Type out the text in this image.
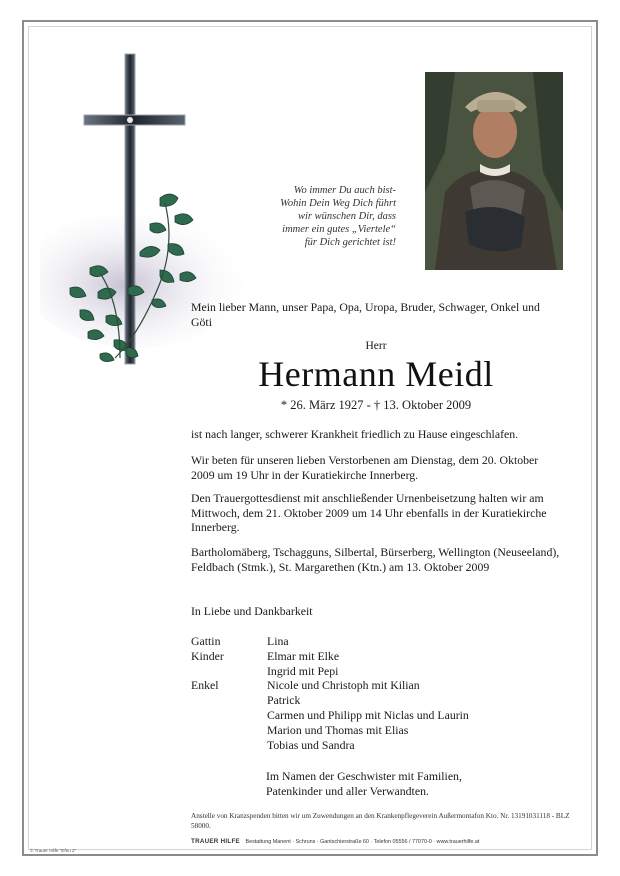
Wo immer Du auch bist-
Wohin Dein Weg Dich führt
wir wünschen Dir, dass
immer ein gutes „Viertele“
für Dich gerichtet ist!
Mein lieber Mann, unser Papa, Opa, Uropa, Bruder, Schwager, Onkel und Göti
Herr
Hermann Meidl
* 26. März 1927 - † 13. Oktober 2009
ist nach langer, schwerer Krankheit friedlich zu Hause eingeschlafen.
Wir beten für unseren lieben Verstorbenen am Dienstag, dem 20. Oktober 2009 um 19 Uhr in der Kuratiekirche Innerberg.
Den Trauergottesdienst mit anschließender Urnenbeisetzung halten wir am Mittwoch, dem 21. Oktober 2009 um 14 Uhr ebenfalls in der Kuratiekirche Innerberg.
Bartholomäberg, Tschagguns, Silbertal, Bürserberg, Wellington (Neuseeland), Feldbach (Stmk.), St. Margarethen (Ktn.) am 13. Oktober 2009
In Liebe und Dankbarkeit
Gattin	Lina
Kinder	Elmar mit Elke
Ingrid mit Pepi
Enkel	Nicole und Christoph mit Kilian
Patrick
Carmen und Philipp mit Niclas und Laurin
Marion und Thomas mit Elias
Tobias und Sandra
Im Namen der Geschwister mit Familien,
Patenkinder und aller Verwandten.
Anstelle von Kranzspenden bitten wir um Zuwendungen an den Krankenpflegeverein Außermontafon Kto. Nr. 13191031118 - BLZ 58000.
TRAUER HILFE Bestattung Manent · Schruns · Gantschierstraße 60 · Telefon 05556 / 77070-0 · www.trauerhilfe.at
© Trauer Hilfe "Efeu 2"
